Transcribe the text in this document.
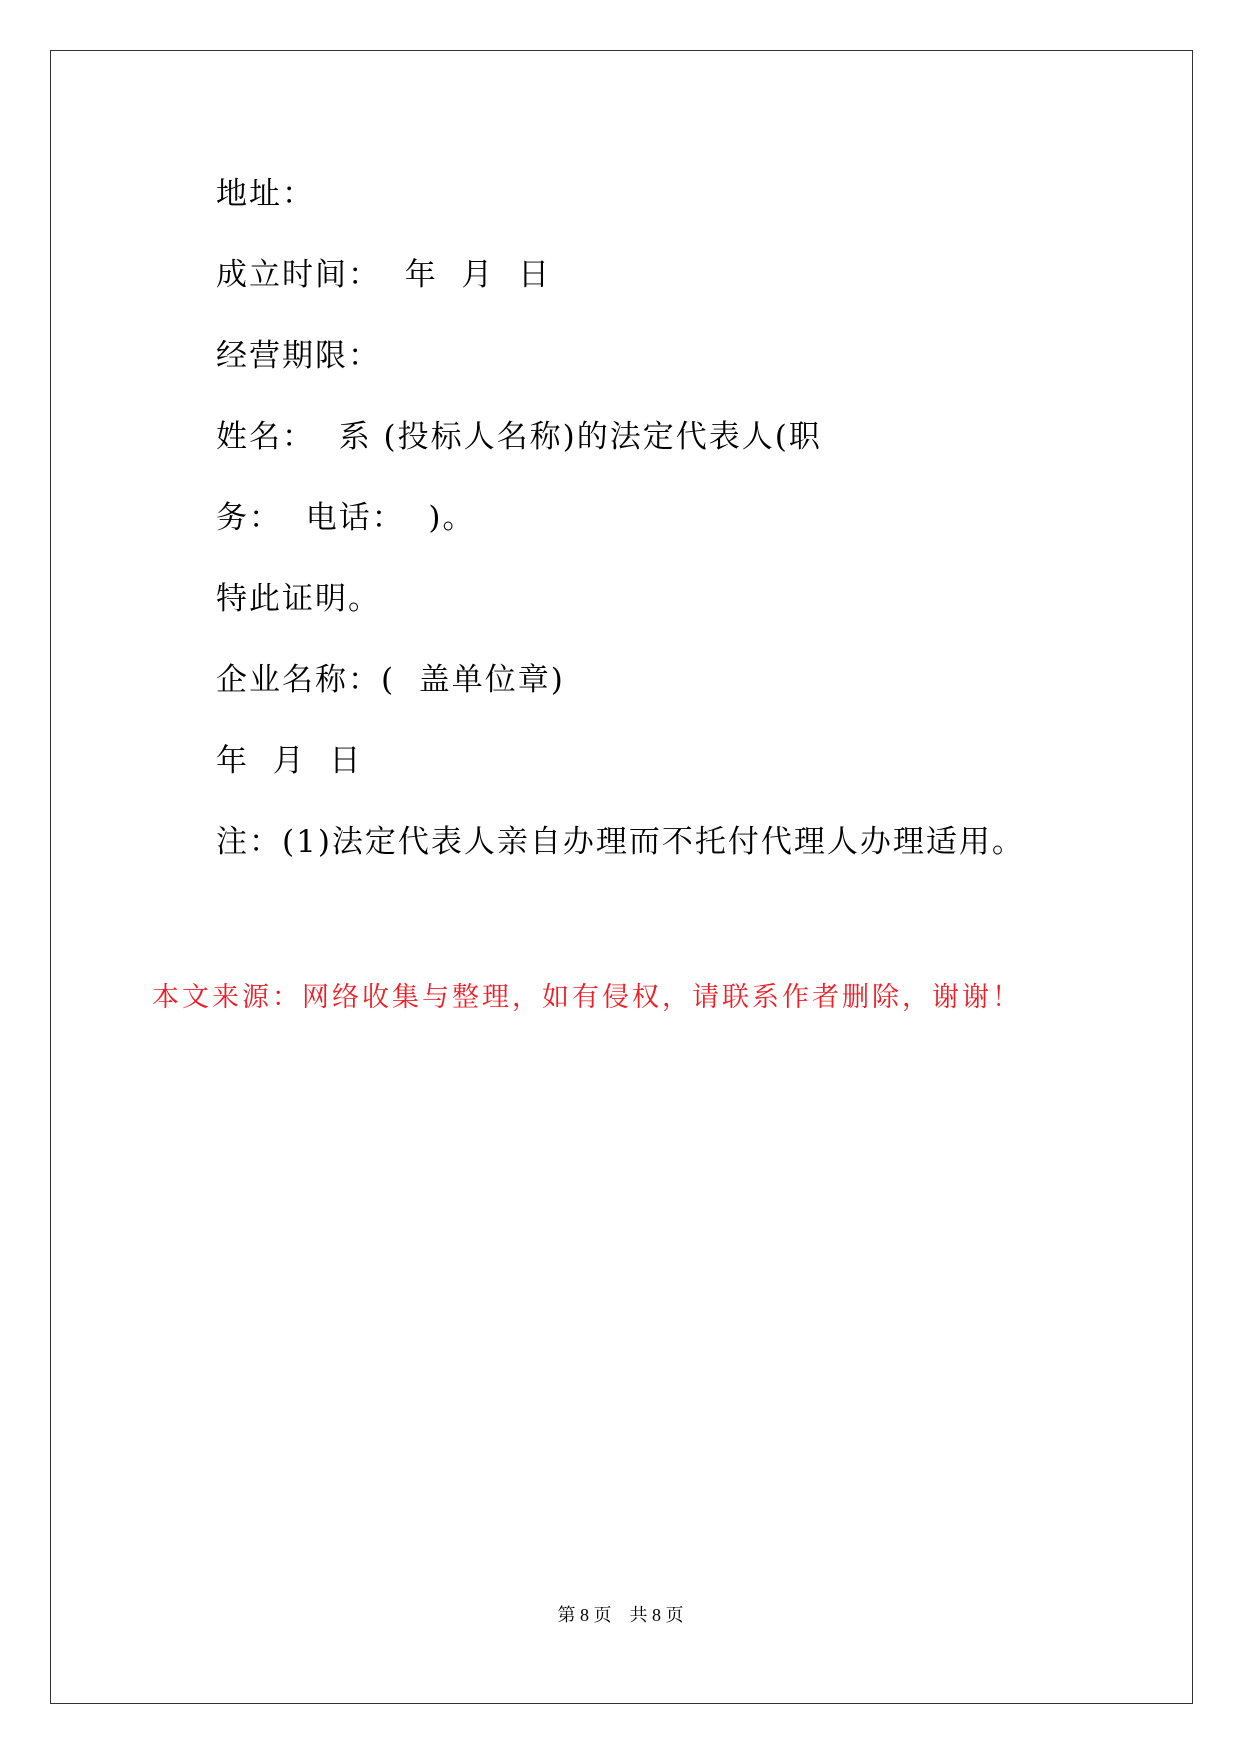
地址：
成立时间：  年  月  日
经营期限：
姓名：  系 (投标人名称)的法定代表人(职
务：  电话：  )。
特此证明。
企业名称：(  盖单位章)
年  月  日
注：(1)法定代表人亲自办理而不托付代理人办理适用。
本文来源：网络收集与整理，如有侵权，请联系作者删除，谢谢！
第 8 页    共 8 页
